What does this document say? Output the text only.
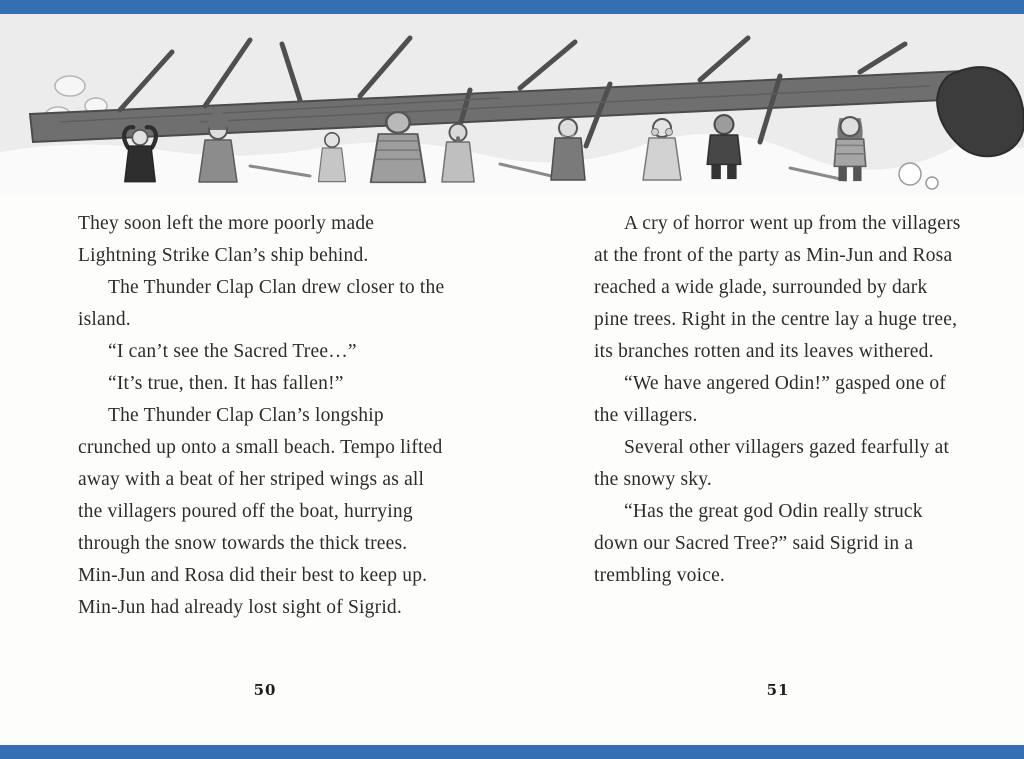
They soon left the more poorly made Lightning Strike Clan’s ship behind.

The Thunder Clap Clan drew closer to the island.

“I can’t see the Sacred Tree…”

“It’s true, then. It has fallen!”

The Thunder Clap Clan’s longship crunched up onto a small beach. Tempo lifted away with a beat of her striped wings as all the villagers poured off the boat, hurrying through the snow towards the thick trees. Min-Jun and Rosa did their best to keep up. Min-Jun had already lost sight of Sigrid.

50

A cry of horror went up from the villagers at the front of the party as Min-Jun and Rosa reached a wide glade, surrounded by dark pine trees. Right in the centre lay a huge tree, its branches rotten and its leaves withered.

“We have angered Odin!” gasped one of the villagers.

Several other villagers gazed fearfully at the snowy sky.

“Has the great god Odin really struck down our Sacred Tree?” said Sigrid in a trembling voice.

51
